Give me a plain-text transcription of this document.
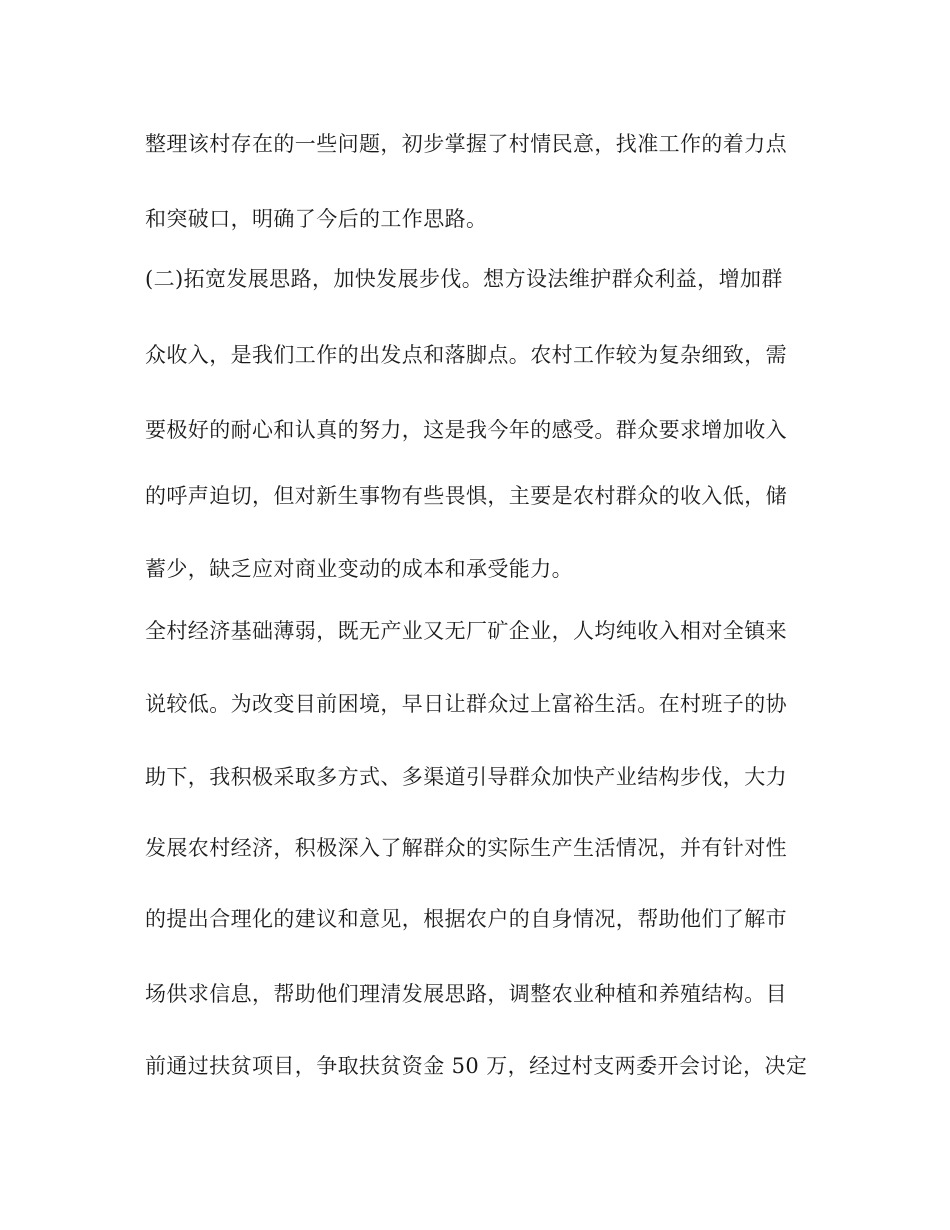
整理该村存在的一些问题，初步掌握了村情民意，找准工作的着力点
和突破口，明确了今后的工作思路。
(二)拓宽发展思路，加快发展步伐。想方设法维护群众利益，增加群
众收入，是我们工作的出发点和落脚点。农村工作较为复杂细致，需
要极好的耐心和认真的努力，这是我今年的感受。群众要求增加收入
的呼声迫切，但对新生事物有些畏惧，主要是农村群众的收入低，储
蓄少，缺乏应对商业变动的成本和承受能力。
全村经济基础薄弱，既无产业又无厂矿企业，人均纯收入相对全镇来
说较低。为改变目前困境，早日让群众过上富裕生活。在村班子的协
助下，我积极采取多方式、多渠道引导群众加快产业结构步伐，大力
发展农村经济，积极深入了解群众的实际生产生活情况，并有针对性
的提出合理化的建议和意见，根据农户的自身情况，帮助他们了解市
场供求信息，帮助他们理清发展思路，调整农业种植和养殖结构。目
前通过扶贫项目，争取扶贫资金 50 万，经过村支两委开会讨论，决定
